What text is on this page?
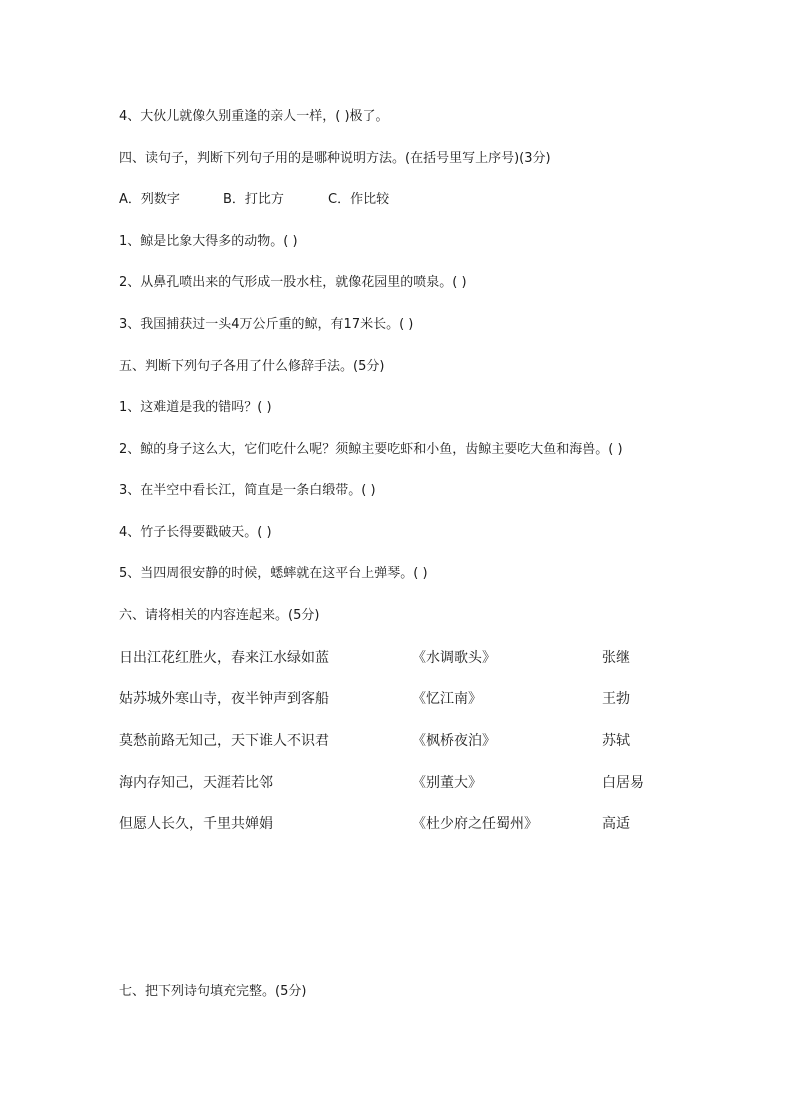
4、大伙儿就像久别重逢的亲人一样，( )极了。
四、读句子，判断下列句子用的是哪种说明方法。(在括号里写上序号)(3分)
A．列数字	B．打比方	C．作比较
1、鲸是比象大得多的动物。( )
2、从鼻孔喷出来的气形成一股水柱，就像花园里的喷泉。( )
3、我国捕获过一头4万公斤重的鲸，有17米长。( )
五、判断下列句子各用了什么修辞手法。(5分)
1、这难道是我的错吗？( )
2、鲸的身子这么大，它们吃什么呢？须鲸主要吃虾和小鱼，齿鲸主要吃大鱼和海兽。( )
3、在半空中看长江，简直是一条白缎带。( )
4、竹子长得要戳破天。( )
5、当四周很安静的时候，蟋蟀就在这平台上弹琴。( )
六、请将相关的内容连起来。(5分)
日出江花红胜火，春来江水绿如蓝	《水调歌头》	张继
姑苏城外寒山寺，夜半钟声到客船	《忆江南》	王勃
莫愁前路无知己，天下谁人不识君	《枫桥夜泊》	苏轼
海内存知己，天涯若比邻	《别董大》	白居易
但愿人长久，千里共婵娟	《杜少府之任蜀州》	高适
七、把下列诗句填充完整。(5分)
